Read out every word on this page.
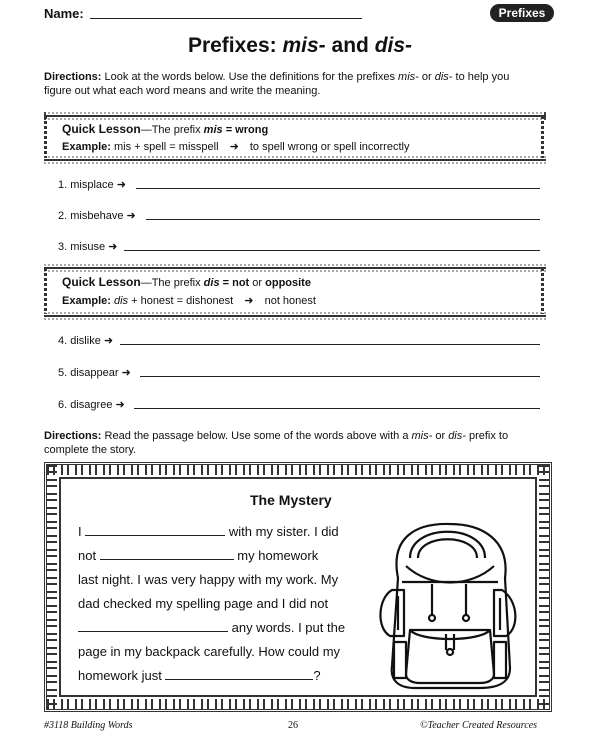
Name:	Prefixes
Prefixes: mis- and dis-
Directions: Look at the words below. Use the definitions for the prefixes mis- or dis- to help you
figure out what each word means and write the meaning.
Quick Lesson—The prefix mis = wrong
Example: mis + spell = misspell ➜ to spell wrong or spell incorrectly
1. misplace ➜
2. misbehave ➜
3. misuse ➜
Quick Lesson—The prefix dis = not or opposite
Example: dis + honest = dishonest ➜ not honest
4. dislike ➜
5. disappear ➜
6. disagree ➜
Directions: Read the passage below. Use some of the words above with a mis- or dis- prefix to
complete the story.
The Mystery
I	with my sister. I did
not	my homework
last night. I was very happy with my work. My
dad checked my spelling page and I did not
any words. I put the
page in my backpack carefully. How could my
homework just	?
#3118 Building Words	26	©Teacher Created Resources
